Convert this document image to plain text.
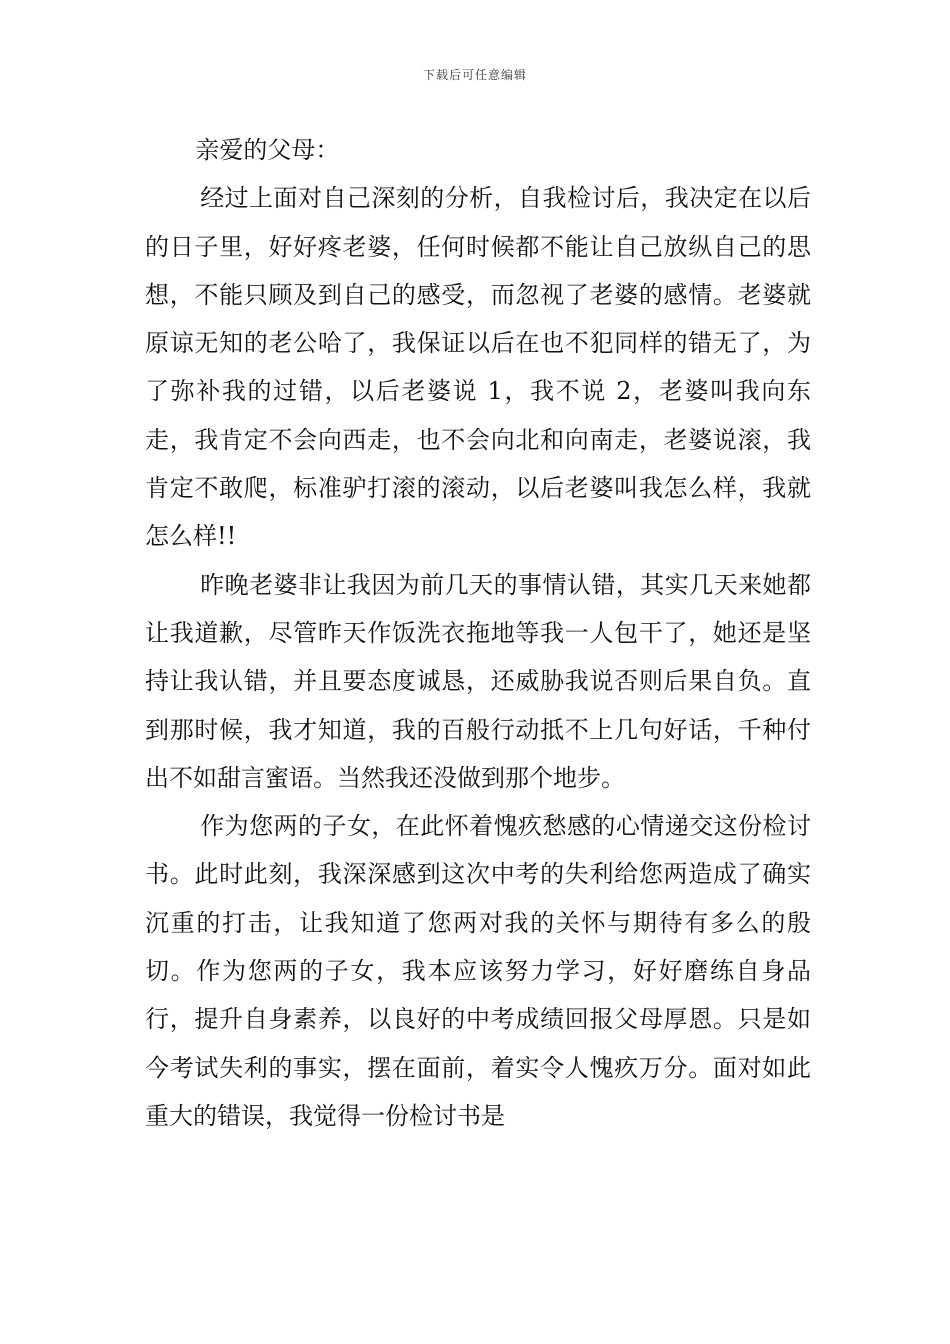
下载后可任意编辑

亲爱的父母：

经过上面对自己深刻的分析，自我检讨后，我决定在以后的日子里，好好疼老婆，任何时候都不能让自己放纵自己的思想，不能只顾及到自己的感受，而忽视了老婆的感情。老婆就原谅无知的老公哈了，我保证以后在也不犯同样的错无了，为了弥补我的过错，以后老婆说 1，我不说 2，老婆叫我向东走，我肯定不会向西走，也不会向北和向南走，老婆说滚，我肯定不敢爬，标准驴打滚的滚动，以后老婆叫我怎么样，我就怎么样!!

昨晚老婆非让我因为前几天的事情认错，其实几天来她都让我道歉，尽管昨天作饭洗衣拖地等我一人包干了，她还是坚持让我认错，并且要态度诚恳，还威胁我说否则后果自负。直到那时候，我才知道，我的百般行动抵不上几句好话，千种付出不如甜言蜜语。当然我还没做到那个地步。

作为您两的子女，在此怀着愧疚愁感的心情递交这份检讨书。此时此刻，我深深感到这次中考的失利给您两造成了确实沉重的打击，让我知道了您两对我的关怀与期待有多么的殷切。作为您两的子女，我本应该努力学习，好好磨练自身品行，提升自身素养，以良好的中考成绩回报父母厚恩。只是如今考试失利的事实，摆在面前，着实令人愧疚万分。面对如此重大的错误，我觉得一份检讨书是
